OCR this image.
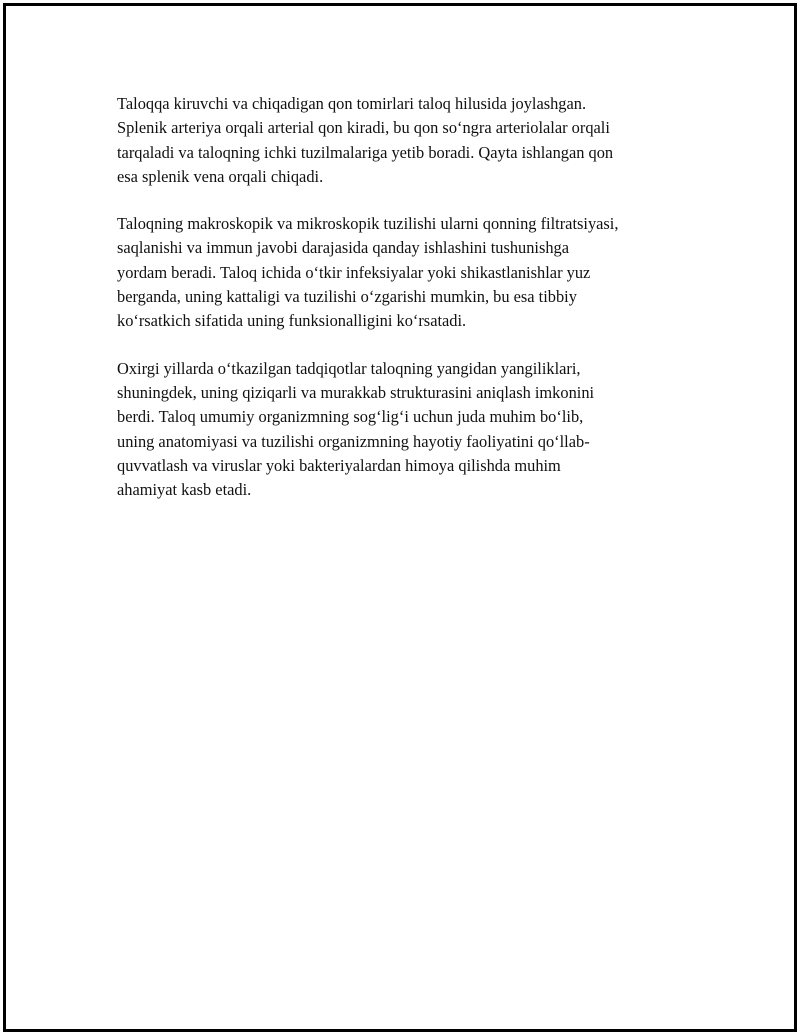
Taloqqa kiruvchi va chiqadigan qon tomirlari taloq hilusida joylashgan.
Splenik arteriya orqali arterial qon kiradi, bu qon so‘ngra arteriolalar orqali
tarqaladi va taloqning ichki tuzilmalariga yetib boradi. Qayta ishlangan qon
esa splenik vena orqali chiqadi.

Taloqning makroskopik va mikroskopik tuzilishi ularni qonning filtratsiyasi,
saqlanishi va immun javobi darajasida qanday ishlashini tushunishga
yordam beradi. Taloq ichida o‘tkir infeksiyalar yoki shikastlanishlar yuz
berganda, uning kattaligi va tuzilishi o‘zgarishi mumkin, bu esa tibbiy
ko‘rsatkich sifatida uning funksionalligini ko‘rsatadi.

Oxirgi yillarda o‘tkazilgan tadqiqotlar taloqning yangidan yangiliklari,
shuningdek, uning qiziqarli va murakkab strukturasini aniqlash imkonini
berdi. Taloq umumiy organizmning sog‘lig‘i uchun juda muhim bo‘lib,
uning anatomiyasi va tuzilishi organizmning hayotiy faoliyatini qo‘llab-
quvvatlash va viruslar yoki bakteriyalardan himoya qilishda muhim
ahamiyat kasb etadi.
